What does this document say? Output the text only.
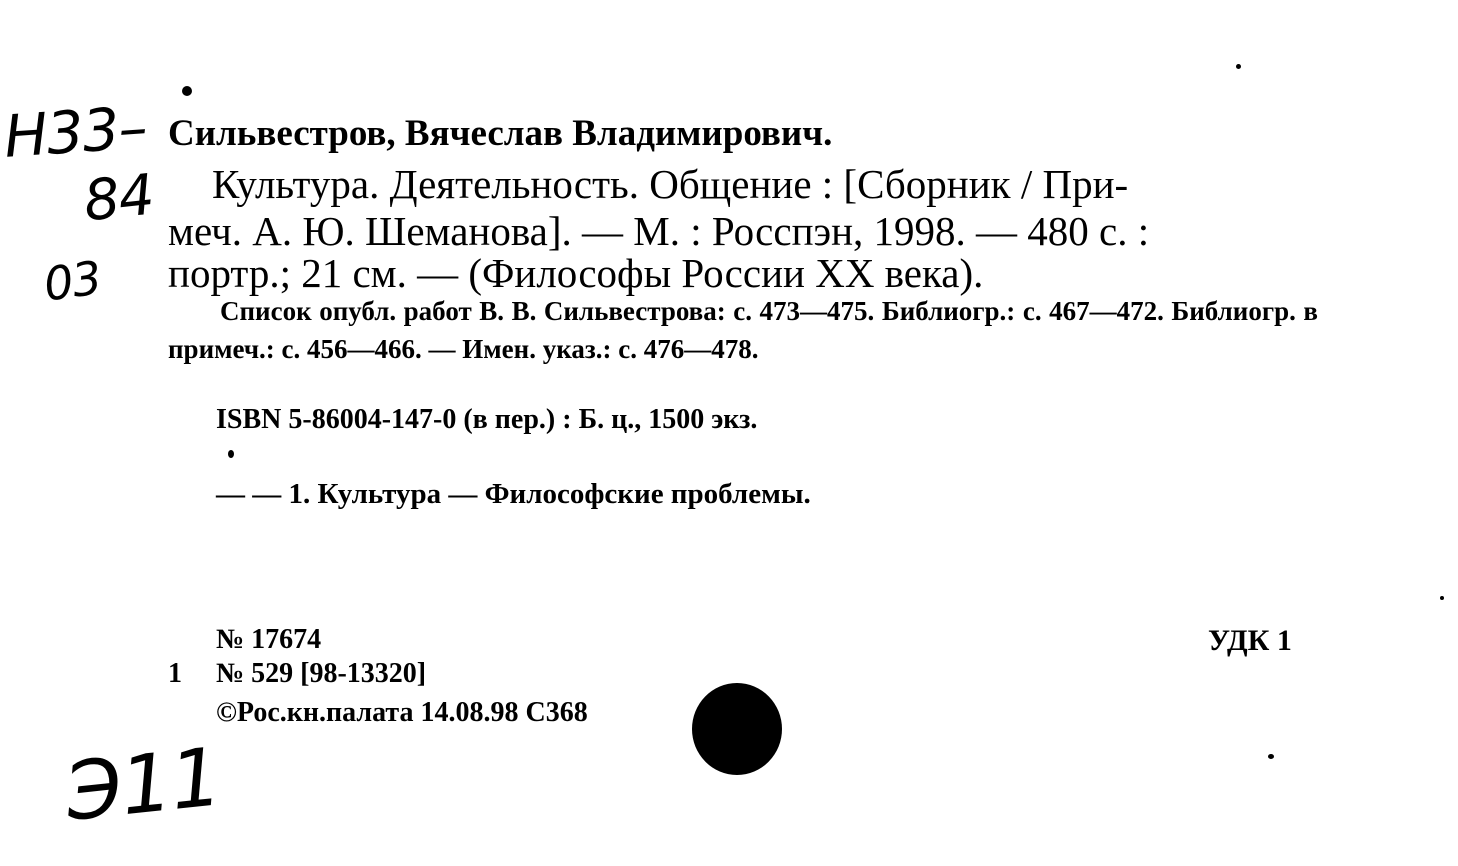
Н33–
84
03
Э11
Сильвестров, Вячеслав Владимирович.
Культура. Деятельность. Общение : [Сборник / При-
меч. А. Ю. Шеманова]. — М. : Росспэн, 1998. — 480 с. :
портр.; 21 см. — (Философы России XX века).
Список опубл. работ В. В. Сильвестрова: с. 473—475. Библиогр.: с. 467—472. Библиогр. в примеч.: с. 456—466. — Имен. указ.: с. 476—478.
ISBN 5-86004-147-0 (в пер.) : Б. ц., 1500 экз.
— — 1. Культура — Философские проблемы.
№ 17674
1 № 529 [98-13320]
©Рос.кн.палата 14.08.98 С368
УДК 1
